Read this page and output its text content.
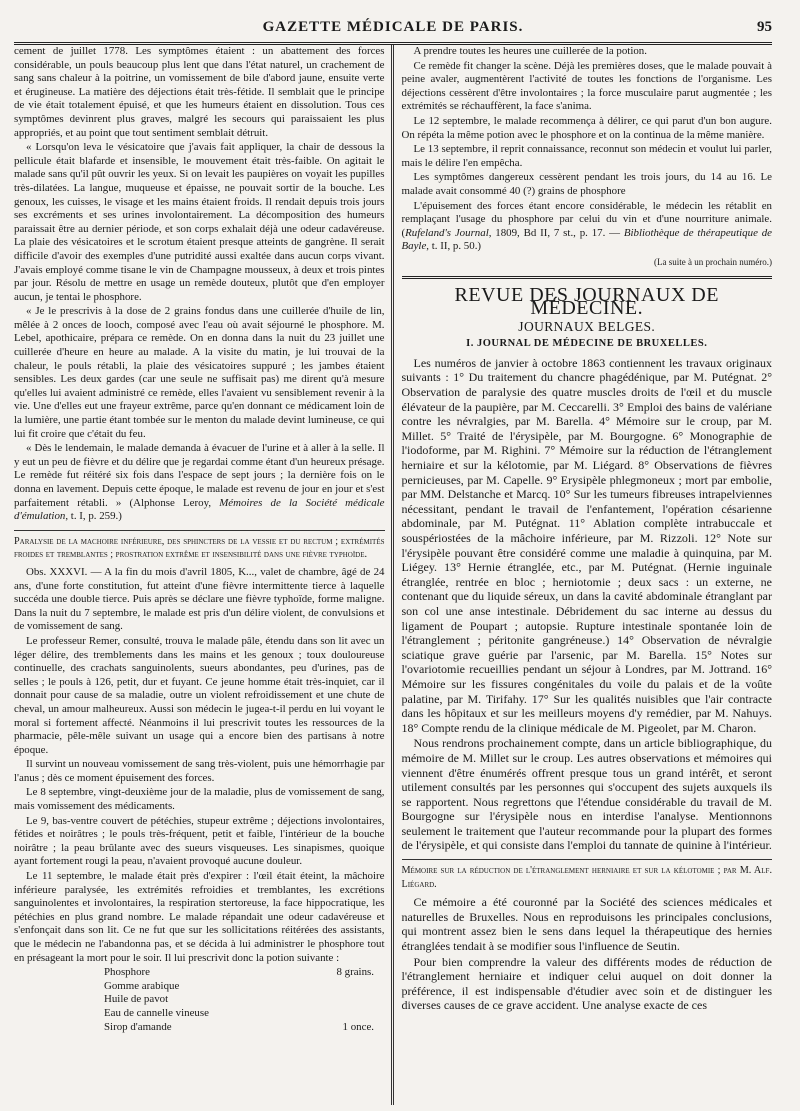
GAZETTE MÉDICALE DE PARIS.	95

cement de juillet 1778. Les symptômes étaient : un abattement des forces considérable, un pouls beaucoup plus lent que dans l'état naturel, un crachement de sang sans chaleur à la poitrine, un vomissement de bile d'abord jaune, ensuite verte et érugineuse. La matière des déjections était très-fétide. Il semblait que le principe de vie était totalement épuisé, et que les humeurs étaient en dissolution. Tous ces symptômes devinrent plus graves, malgré les secours qui paraissaient les plus appropriés, et au point que tout sentiment semblait détruit.

« Lorsqu'on leva le vésicatoire que j'avais fait appliquer, la chair de dessous la pellicule était blafarde et insensible, le mouvement était très-faible. On agitait le malade sans qu'il pût ouvrir les yeux. Si on levait les paupières on voyait les pupilles très-dilatées. La langue, muqueuse et épaisse, ne pouvait sortir de la bouche. Les genoux, les cuisses, le visage et les mains étaient froids. Il rendait depuis trois jours ses excréments et ses urines involontairement. La décomposition des humeurs paraissait être au dernier période, et son corps exhalait déjà une odeur cadavéreuse. La plaie des vésicatoires et le scrotum étaient presque atteints de gangrène. Il serait difficile d'avoir des exemples d'une putridité aussi exaltée dans aucun corps vivant. J'avais employé comme tisane le vin de Champagne mousseux, à deux et trois pintes par jour. Résolu de mettre en usage un remède douteux, plutôt que d'en employer aucun, je tentai le phosphore.

« Je le prescrivis à la dose de 2 grains fondus dans une cuillerée d'huile de lin, mêlée à 2 onces de looch, composé avec l'eau où avait séjourné le phosphore. M. Lebel, apothicaire, prépara ce remède. On en donna dans la nuit du 23 juillet une cuillerée d'heure en heure au malade. A la visite du matin, je lui trouvai de la chaleur, le pouls rétabli, la plaie des vésicatoires suppuré ; les jambes étaient sensibles. Les deux gardes (car une seule ne suffisait pas) me dirent qu'à mesure qu'elles lui avaient administré ce remède, elles l'avaient vu sensiblement revenir à la vie. Une d'elles eut une frayeur extrême, parce qu'en donnant ce médicament loin de la lumière, une partie étant tombée sur le menton du malade devint lumineuse, ce qui lui fit croire que c'était du feu.

« Dès le lendemain, le malade demanda à évacuer de l'urine et à aller à la selle. Il y eut un peu de fièvre et du délire que je regardai comme étant d'un heureux présage. Le remède fut réitéré six fois dans l'espace de sept jours ; la dernière fois on le donna en lavement. Depuis cette époque, le malade est revenu de jour en jour et s'est parfaitement rétabli. » (Alphonse Leroy, Mémoires de la Société médicale d'émulation, t. I, p. 259.)

Paralysie de la machoire inférieure, des sphincters de la vessie et du rectum ; extrémités froides et tremblantes ; prostration extrême et insensibilité dans une fièvre typhoïde.

Obs. XXXVI. — A la fin du mois d'avril 1805, K..., valet de chambre, âgé de 24 ans, d'une forte constitution, fut atteint d'une fièvre intermittente tierce à laquelle succéda une double tierce. Puis après se déclare une fièvre typhoïde, forme maligne. Dans la nuit du 7 septembre, le malade est pris d'un délire violent, de convulsions et de vomissement de sang.

Le professeur Remer, consulté, trouva le malade pâle, étendu dans son lit avec un léger délire, des tremblements dans les mains et les genoux ; toux douloureuse continuelle, des crachats sanguinolents, sueurs abondantes, peu d'urines, pas de selles ; le pouls à 126, petit, dur et fuyant. Ce jeune homme était très-inquiet, car il donnait pour cause de sa maladie, outre un violent refroidissement et une chute de cheval, un amour malheureux. Aussi son médecin le jugea-t-il perdu en lui voyant le moral si fortement affecté. Néanmoins il lui prescrivit toutes les ressources de la pharmacie, pêle-mêle suivant un usage qui a encore bien des partisans à notre époque.

Il survint un nouveau vomissement de sang très-violent, puis une hémorrhagie par l'anus ; dès ce moment épuisement des forces.

Le 8 septembre, vingt-deuxième jour de la maladie, plus de vomissement de sang, mais vomissement des médicaments.

Le 9, bas-ventre couvert de pétéchies, stupeur extrême ; déjections involontaires, fétides et noirâtres ; le pouls très-fréquent, petit et faible, l'intérieur de la bouche noirâtre ; la peau brûlante avec des sueurs visqueuses. Les sinapismes, quoique ayant fortement rougi la peau, n'avaient provoqué aucune douleur.

Le 11 septembre, le malade était près d'expirer : l'œil était éteint, la mâchoire inférieure paralysée, les extrémités refroidies et tremblantes, les excrétions sanguinolentes et involontaires, la respiration stertoreuse, la face hippocratique, les pétéchies en plus grand nombre. Le malade répandait une odeur cadavéreuse et s'enfonçait dans son lit. Ce ne fut que sur les sollicitations réitérées des assistants, que le médecin ne l'abandonna pas, et se décida à lui administrer le phosphore tout en présageant la mort pour le soir. Il lui prescrivit donc la potion suivante :

Phosphore	8 grains.
Gomme arabique
Huile de pavot
Eau de cannelle vineuse
Sirop d'amande	1 once.

A prendre toutes les heures une cuillerée de la potion.

Ce remède fit changer la scène. Déjà les premières doses, que le malade pouvait à peine avaler, augmentèrent l'activité de toutes les fonctions de l'organisme. Les déjections cessèrent d'être involontaires ; la force musculaire parut augmentée ; les extrémités se réchauffèrent, la face s'anima.

Le 12 septembre, le malade recommença à délirer, ce qui parut d'un bon augure. On répéta la même potion avec le phosphore et on la continua de la même manière.

Le 13 septembre, il reprit connaissance, reconnut son médecin et voulut lui parler, mais le délire l'en empêcha.

Les symptômes dangereux cessèrent pendant les trois jours, du 14 au 16. Le malade avait consommé 40 (?) grains de phosphore

L'épuisement des forces étant encore considérable, le médecin les rétablit en remplaçant l'usage du phosphore par celui du vin et d'une nourriture animale. (Rufeland's Journal, 1809, Bd II, 7 st., p. 17. — Bibliothèque de thérapeutique de Bayle, t. II, p. 50.)

(La suite à un prochain numéro.)
REVUE DES JOURNAUX DE MÉDECINE.
JOURNAUX BELGES.
I. JOURNAL DE MÉDECINE DE BRUXELLES.

Les numéros de janvier à octobre 1863 contiennent les travaux originaux suivants : 1° Du traitement du chancre phagédénique, par M. Putégnat. 2° Observation de paralysie des quatre muscles droits de l'œil et du muscle élévateur de la paupière, par M. Ceccarelli. 3° Emploi des bains de valériane contre les névralgies, par M. Barella. 4° Mémoire sur le croup, par M. Millet. 5° Traité de l'érysipèle, par M. Bourgogne. 6° Monographie de l'iodoforme, par M. Righini. 7° Mémoire sur la réduction de l'étranglement herniaire et sur la kélotomie, par M. Liégard. 8° Observations de fièvres pernicieuses, par M. Capelle. 9° Erysipèle phlegmoneux ; mort par embolie, par MM. Delstanche et Marcq. 10° Sur les tumeurs fibreuses intrapelviennes nécessitant, pendant le travail de l'enfantement, l'opération césarienne abdominale, par M. Putégnat. 11° Ablation complète intrabuccale et souspériostées de la mâchoire inférieure, par M. Rizzoli. 12° Note sur l'érysipèle pouvant être considéré comme une maladie à quinquina, par M. Liégey. 13° Hernie étranglée, etc., par M. Putégnat. (Hernie inguinale étranglée, rentrée en bloc ; herniotomie ; deux sacs : un externe, ne contenant que du liquide séreux, un dans la cavité abdominale étranglant par son col une anse intestinale. Débridement du sac interne au dessus du ligament de Poupart ; autopsie. Rupture intestinale spontanée loin de l'étranglement ; péritonite gangréneuse.) 14° Observation de névralgie sciatique grave guérie par l'arsenic, par M. Barella. 15° Notes sur l'ovariotomie recueillies pendant un séjour à Londres, par M. Jottrand. 16° Mémoire sur les fissures congénitales du voile du palais et de la voûte palatine, par M. Tirifahy. 17° Sur les qualités nuisibles que l'air contracte dans les hôpitaux et sur les meilleurs moyens d'y remédier, par M. Nahuys. 18° Compte rendu de la clinique médicale de M. Pigeolet, par M. Charon.

Nous rendrons prochainement compte, dans un article bibliographique, du mémoire de M. Millet sur le croup. Les autres observations et mémoires qui viennent d'être énumérés offrent presque tous un grand intérêt, et seront utilement consultés par les personnes qui s'occupent des sujets auxquels ils se rapportent. Nous regrettons que l'étendue considérable du travail de M. Bourgogne sur l'érysipèle nous en interdise l'analyse. Mentionnons seulement le traitement que l'auteur recommande pour la plupart des formes de l'érysipèle, et qui consiste dans l'emploi du tannate de quinine à l'intérieur.

Mémoire sur la réduction de l'étranglement herniaire et sur la kélotomie ; par M. Alf. Liégard.

Ce mémoire a été couronné par la Société des sciences médicales et naturelles de Bruxelles. Nous en reproduisons les principales conclusions, qui montrent assez bien le sens dans lequel la thérapeutique des hernies étranglées tendait à se modifier sous l'influence de Seutin.

Pour bien comprendre la valeur des différents modes de réduction de l'étranglement herniaire et indiquer celui auquel on doit donner la préférence, il est indispensable d'étudier avec soin et de distinguer les diverses causes de ce grave accident. Une analyse exacte de ces
